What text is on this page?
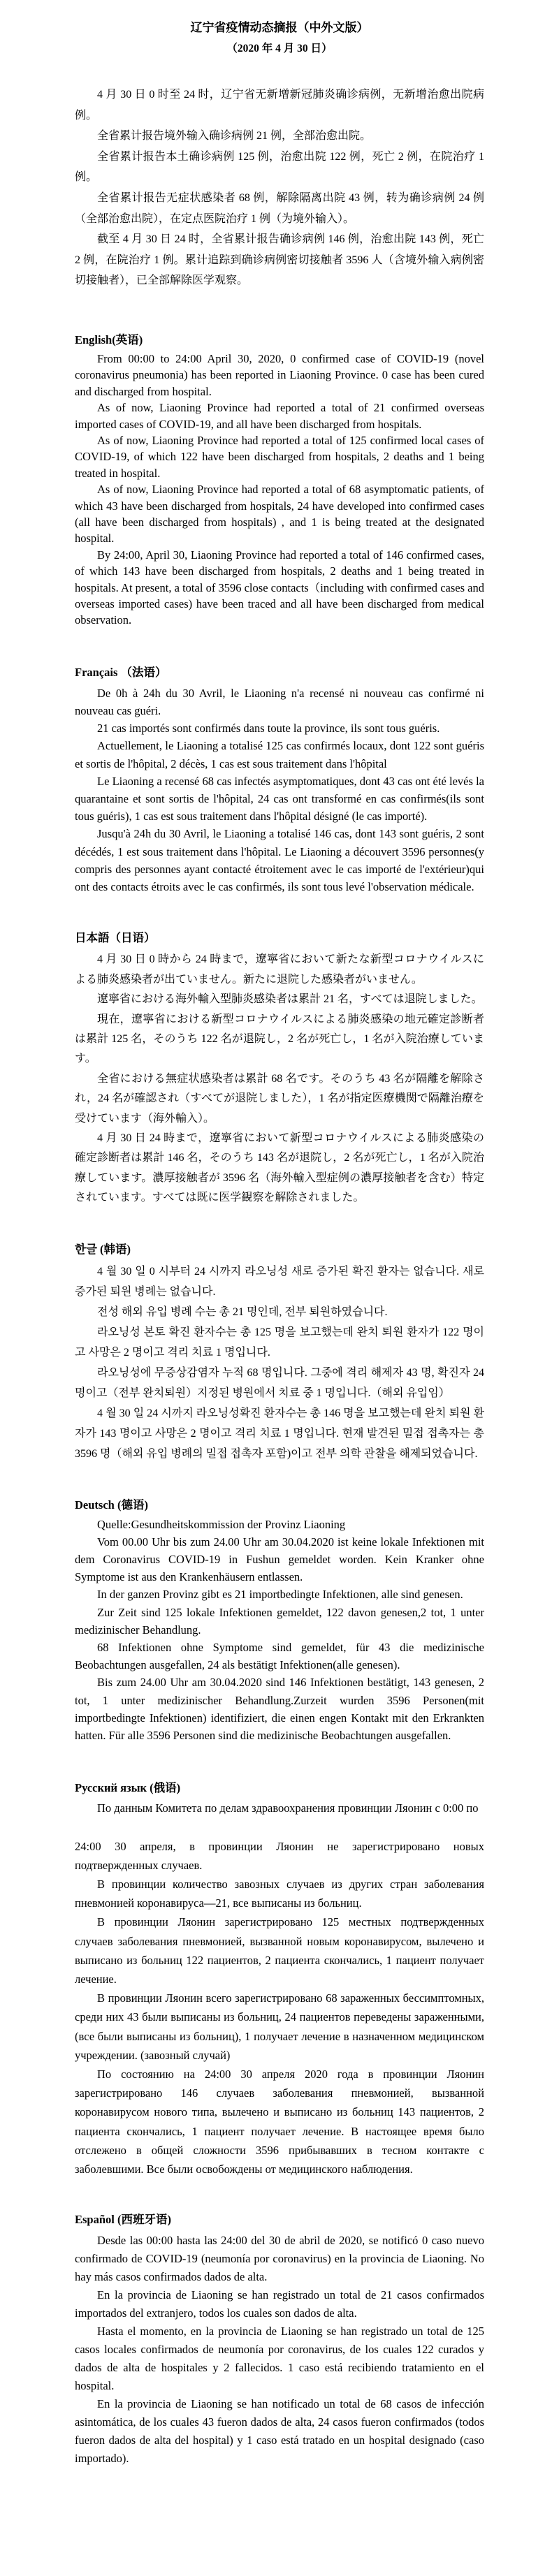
辽宁省疫情动态摘报（中外文版）
（2020 年 4 月 30 日）

4 月 30 日 0 时至 24 时，辽宁省无新增新冠肺炎确诊病例，无新增治愈出院病例。

全省累计报告境外输入确诊病例 21 例，全部治愈出院。

全省累计报告本土确诊病例 125 例，治愈出院 122 例，死亡 2 例，在院治疗 1 例。

全省累计报告无症状感染者 68 例，解除隔离出院 43 例，转为确诊病例 24 例（全部治愈出院），在定点医院治疗 1 例（为境外输入）。

截至 4 月 30 日 24 时，全省累计报告确诊病例 146 例，治愈出院 143 例，死亡 2 例，在院治疗 1 例。累计追踪到确诊病例密切接触者 3596 人（含境外输入病例密切接触者），已全部解除医学观察。

English(英语)

From 00:00 to 24:00 April 30, 2020, 0 confirmed case of COVID-19 (novel coronavirus pneumonia) has been reported in Liaoning Province. 0 case has been cured and discharged from hospital.

As of now, Liaoning Province had reported a total of 21 confirmed overseas imported cases of COVID-19, and all have been discharged from hospitals.

As of now, Liaoning Province had reported a total of 125 confirmed local cases of COVID-19, of which 122 have been discharged from hospitals, 2 deaths and 1 being treated in hospital.

As of now, Liaoning Province had reported a total of 68 asymptomatic patients, of which 43 have been discharged from hospitals, 24 have developed into confirmed cases (all have been discharged from hospitals) , and 1 is being treated at the designated hospital.

By 24:00, April 30, Liaoning Province had reported a total of 146 confirmed cases, of which 143 have been discharged from hospitals, 2 deaths and 1 being treated in hospitals. At present, a total of 3596 close contacts（including with confirmed cases and overseas imported cases) have been traced and all have been discharged from medical observation.

Français （法语）

De 0h à 24h du 30 Avril, le Liaoning n'a recensé ni nouveau cas confirmé ni nouveau cas guéri.

21 cas importés sont confirmés dans toute la province, ils sont tous guéris.

Actuellement, le Liaoning a totalisé 125 cas confirmés locaux, dont 122 sont guéris et sortis de l'hôpital, 2 décès, 1 cas est sous traitement dans l'hôpital

Le Liaoning a recensé 68 cas infectés asymptomatiques, dont 43 cas ont été levés la quarantaine et sont sortis de l'hôpital, 24 cas ont transformé en cas confirmés(ils sont tous guéris), 1 cas est sous traitement dans l'hôpital désigné (le cas importé).

Jusqu'à 24h du 30 Avril, le Liaoning a totalisé 146 cas, dont 143 sont guéris, 2 sont décédés, 1 est sous traitement dans l'hôpital. Le Liaoning a découvert 3596 personnes(y compris des personnes ayant contacté étroitement avec le cas importé de l'extérieur)qui ont des contacts étroits avec le cas confirmés, ils sont tous levé l'observation médicale.

日本語（日语）

4 月 30 日 0 時から 24 時まで，遼寧省において新たな新型コロナウイルスによる肺炎感染者が出ていません。新たに退院した感染者がいません。

遼寧省における海外輸入型肺炎感染者は累計 21 名，すべては退院しました。

現在，遼寧省における新型コロナウイルスによる肺炎感染の地元確定診断者は累計 125 名，そのうち 122 名が退院し，2 名が死亡し，1 名が入院治療しています。

全省における無症状感染者は累計 68 名です。そのうち 43 名が隔離を解除され，24 名が確認され（すべてが退院しました），1 名が指定医療機関で隔離治療を受けています（海外輸入）。

4 月 30 日 24 時まで，遼寧省において新型コロナウイルスによる肺炎感染の確定診断者は累計 146 名，そのうち 143 名が退院し，2 名が死亡し，1 名が入院治療しています。濃厚接触者が 3596 名（海外輸入型症例の濃厚接触者を含む）特定されています。すべては既に医学観察を解除されました。

한글 (韩语)

4 월 30 일 0 시부터 24 시까지 라오닝성 새로 증가된 확진 환자는 없습니다. 새로 증가된 퇴원 병례는 없습니다.

전성 해외 유입 병례 수는 총 21 명인데, 전부 퇴원하였습니다.

라오닝성 본토 확진 환자수는 총 125 명을 보고했는데 완치 퇴원 환자가 122 명이고 사망은 2 명이고 격리 치료 1 명입니다.

라오닝성에 무증상감염자 누적 68 명입니다. 그중에 격리 해제자 43 명, 확진자 24 명이고（전부 완치퇴원）지정된 병원에서 치료 중 1 명입니다.（해외 유입임）

4 월 30 일 24 시까지 라오닝성확진 환자수는 총 146 명을 보고했는데 완치 퇴원 환자가 143 명이고 사망은 2 명이고 격리 치료 1 명입니다. 현재 발견된 밀접 접촉자는 총 3596 명（해외 유입 병례의 밀접 접촉자 포함)이고 전부 의학 관찰을 해제되었습니다.

Deutsch (德语)

Quelle:Gesundheitskommission der Provinz Liaoning

Vom 00.00 Uhr bis zum 24.00 Uhr am 30.04.2020 ist keine lokale Infektionen mit dem Coronavirus COVID-19 in Fushun gemeldet worden. Kein Kranker ohne Symptome ist aus den Krankenhäusern entlassen.

In der ganzen Provinz gibt es 21 importbedingte Infektionen, alle sind genesen.

Zur Zeit sind 125 lokale Infektionen gemeldet, 122 davon genesen,2 tot, 1 unter medizinischer Behandlung.

68 Infektionen ohne Symptome sind gemeldet, für 43 die medizinische Beobachtungen ausgefallen, 24 als bestätigt Infektionen(alle genesen).

Bis zum 24.00 Uhr am 30.04.2020 sind 146 Infektionen bestätigt, 143 genesen, 2 tot, 1 unter medizinischer Behandlung.Zurzeit wurden 3596 Personen(mit importbedingte Infektionen) identifiziert, die einen engen Kontakt mit den Erkrankten hatten. Für alle 3596 Personen sind die medizinische Beobachtungen ausgefallen.

Русский язык (俄语)

По данным Комитета по делам здравоохранения провинции Ляонин с 0:00 по

24:00 30 апреля, в провинции Ляонин не зарегистрировано новых подтвержденных случаев.

В провинции количество завозных случаев из других стран заболевания пневмонией коронавируса—21, все выписаны из больниц.

В провинции Ляонин зарегистрировано 125 местных подтвержденных случаев заболевания пневмонией, вызванной новым коронавирусом, вылечено и выписано из больниц 122 пациентов, 2 пациента скончались, 1 пациент получает лечение.

В провинции Ляонин всего зарегистрировано 68 зараженных бессимптомных, среди них 43 были выписаны из больниц, 24 пациентов переведены зараженными, (все были выписаны из больниц), 1 получает лечение в назначенном медицинском учреждении. (завозный случай)

По состоянию на 24:00 30 апреля 2020 года в провинции Ляонин зарегистрировано 146 случаев заболевания пневмонией, вызванной коронавирусом нового типа, вылечено и выписано из больниц 143 пациентов, 2 пациента скончались, 1 пациент получает лечение. В настоящее время было отслежено в общей сложности 3596 прибывавших в тесном контакте с заболевшими. Все были освобождены от медицинского наблюдения.

Español (西班牙语)

Desde las 00:00 hasta las 24:00 del 30 de abril de 2020, se notificó 0 caso nuevo confirmado de COVID-19 (neumonía por coronavirus) en la provincia de Liaoning. No hay más casos confirmados dados de alta.

En la provincia de Liaoning se han registrado un total de 21 casos confirmados importados del extranjero, todos los cuales son dados de alta.

Hasta el momento, en la provincia de Liaoning se han registrado un total de 125 casos locales confirmados de neumonía por coronavirus, de los cuales 122 curados y dados de alta de hospitales y 2 fallecidos. 1 caso está recibiendo tratamiento en el hospital.

En la provincia de Liaoning se han notificado un total de 68 casos de infección asintomática, de los cuales 43 fueron dados de alta, 24 casos fueron confirmados (todos fueron dados de alta del hospital) y 1 caso está tratado en un hospital designado (caso importado).
